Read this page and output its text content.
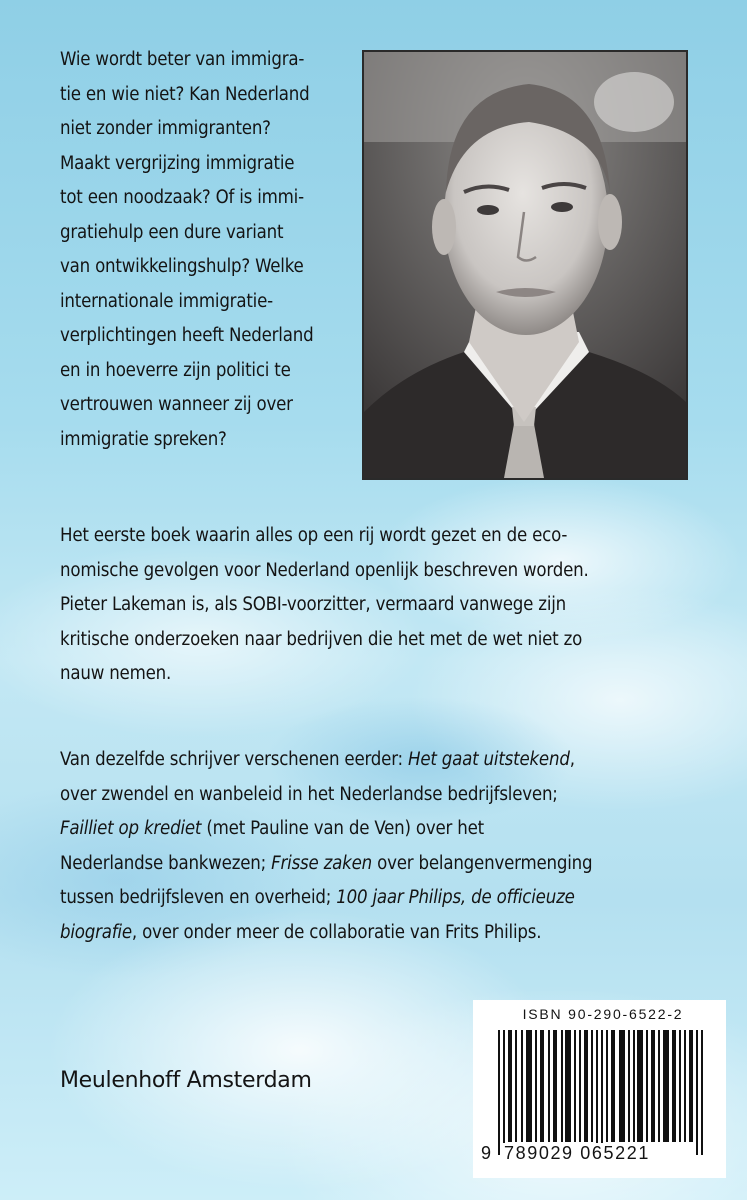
Wie wordt beter van immigra-
tie en wie niet? Kan Nederland
niet zonder immigranten?
Maakt vergrijzing immigratie
tot een noodzaak? Of is immi-
gratiehulp een dure variant
van ontwikkelingshulp? Welke
internationale immigratie-
verplichtingen heeft Nederland
en in hoeverre zijn politici te
vertrouwen wanneer zij over
immigratie spreken?
Het eerste boek waarin alles op een rij wordt gezet en de eco-
nomische gevolgen voor Nederland openlijk beschreven worden.
Pieter Lakeman is, als SOBI-voorzitter, vermaard vanwege zijn
kritische onderzoeken naar bedrijven die het met de wet niet zo
nauw nemen.
Van dezelfde schrijver verschenen eerder: Het gaat uitstekend,
over zwendel en wanbeleid in het Nederlandse bedrijfsleven;
Failliet op krediet (met Pauline van de Ven) over het
Nederlandse bankwezen; Frisse zaken over belangenvermenging
tussen bedrijfsleven en overheid; 100 jaar Philips, de officieuze
biografie, over onder meer de collaboratie van Frits Philips.
Meulenhoff Amsterdam
ISBN 90-290-6522-2
9 789029 065221
